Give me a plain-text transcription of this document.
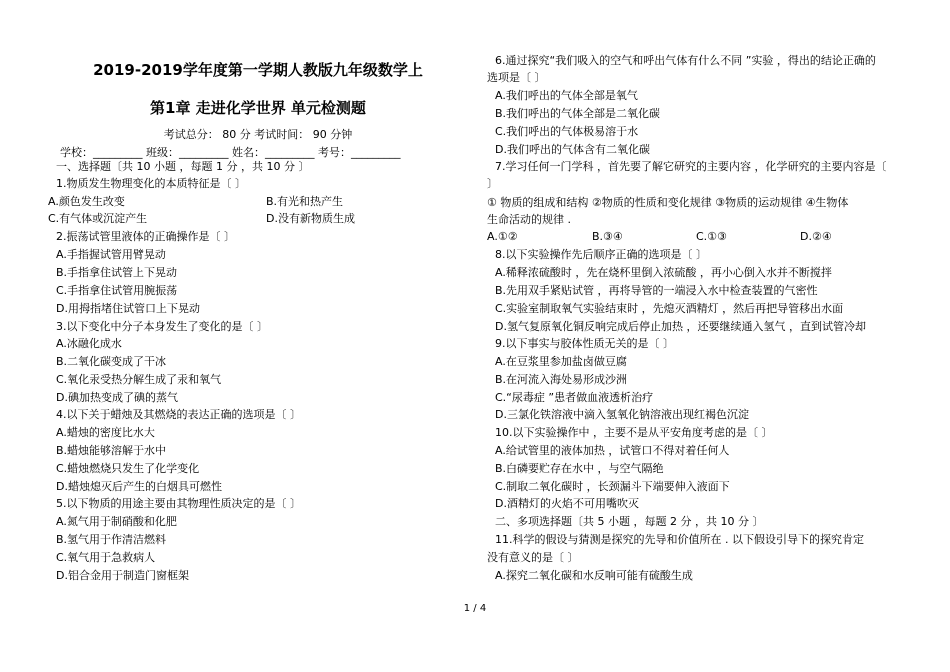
2019-2019学年度第一学期人教版九年级数学上
第1章 走进化学世界 单元检测题
考试总分： 80 分 考试时间： 90 分钟
学校：_________ 班级：_________ 姓名：_________ 考号：_________
一、选择题〔共 10 小题 ，每题 1 分 ，共 10 分 〕
1.物质发生物理变化的本质特征是〔 〕
A.颜色发生改变	B.有光和热产生
C.有气体或沉淀产生	D.没有新物质生成
2.振荡试管里液体的正确操作是〔 〕
A.手指握试管用臂晃动
B.手指拿住试管上下晃动
C.手指拿住试管用腕振荡
D.用拇指堵住试管口上下晃动
3.以下变化中分子本身发生了变化的是〔 〕
A.冰融化成水
B.二氧化碳变成了干冰
C.氧化汞受热分解生成了汞和氧气
D.碘加热变成了碘的蒸气
4.以下关于蜡烛及其燃烧的表达正确的选项是〔 〕
A.蜡烛的密度比水大
B.蜡烛能够溶解于水中
C.蜡烛燃烧只发生了化学变化
D.蜡烛熄灭后产生的白烟具可燃性
5.以下物质的用途主要由其物理性质决定的是〔 〕
A.氮气用于制硝酸和化肥
B.氢气用于作清洁燃料
C.氧气用于急救病人
D.铝合金用于制造门窗框架
6.通过探究“我们吸入的空气和呼出气体有什么不同 ”实验 ，得出的结论正确的
选项是〔 〕
A.我们呼出的气体全部是氧气
B.我们呼出的气体全部是二氧化碳
C.我们呼出的气体极易溶于水
D.我们呼出的气体含有二氧化碳
7.学习任何一门学科 ，首先要了解它研究的主要内容 ，化学研究的主要内容是〔
〕
① 物质的组成和结构 ②物质的性质和变化规律 ③物质的运动规律 ④生物体
生命活动的规律 .
A.①②	B.③④	C.①③	D.②④
8.以下实验操作先后顺序正确的选项是〔 〕
A.稀释浓硫酸时 ，先在烧杯里倒入浓硫酸 ，再小心倒入水并不断搅拌
B.先用双手紧贴试管 ，再将导管的一端浸入水中检查装置的气密性
C.实验室制取氧气实验结束时 ，先熄灭酒精灯 ，然后再把导管移出水面
D.氢气复原氧化铜反响完成后停止加热 ，还要继续通入氢气 ，直到试管冷却
9.以下事实与胶体性质无关的是〔 〕
A.在豆浆里参加盐卤做豆腐
B.在河流入海处易形成沙洲
C.“尿毒症 ”患者做血液透析治疗
D.三氯化铁溶液中滴入氢氧化钠溶液出现红褐色沉淀
10.以下实验操作中 ，主要不是从平安角度考虑的是〔 〕
A.给试管里的液体加热 ，试管口不得对着任何人
B.白磷要贮存在水中 ，与空气隔绝
C.制取二氧化碳时 ，长颈漏斗下端要伸入液面下
D.酒精灯的火焰不可用嘴吹灭
二、多项选择题〔共 5 小题 ，每题 2 分 ，共 10 分 〕
11.科学的假设与猜测是探究的先导和价值所在 . 以下假设引导下的探究肯定
没有意义的是〔 〕
A.探究二氧化碳和水反响可能有硫酸生成
1 / 4
